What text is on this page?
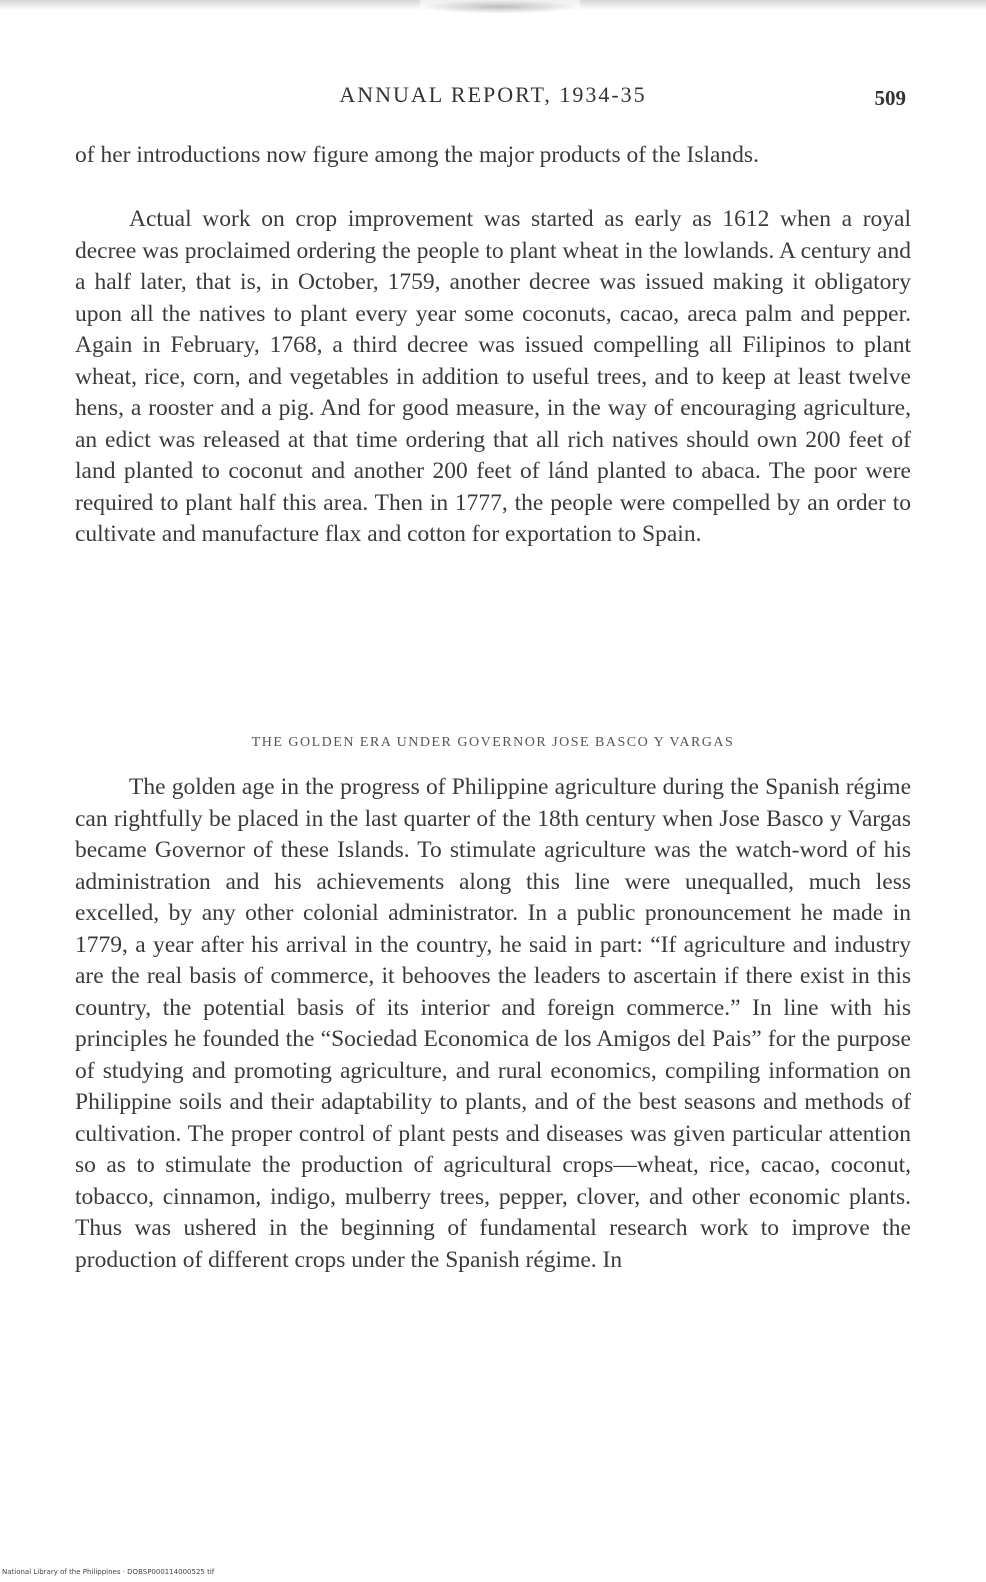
ANNUAL REPORT, 1934-35	509

of her introductions now figure among the major products of the Islands.

Actual work on crop improvement was started as early as 1612 when a royal decree was proclaimed ordering the people to plant wheat in the lowlands. A century and a half later, that is, in October, 1759, another decree was issued making it obligatory upon all the natives to plant every year some coconuts, cacao, areca palm and pepper. Again in February, 1768, a third decree was issued compelling all Filipinos to plant wheat, rice, corn, and vegetables in addition to useful trees, and to keep at least twelve hens, a rooster and a pig. And for good measure, in the way of encouraging agriculture, an edict was released at that time ordering that all rich natives should own 200 feet of land planted to coconut and another 200 feet of lánd planted to abaca. The poor were required to plant half this area. Then in 1777, the people were compelled by an order to cultivate and manufacture flax and cotton for exportation to Spain.

THE GOLDEN ERA UNDER GOVERNOR JOSE BASCO Y VARGAS

The golden age in the progress of Philippine agriculture during the Spanish régime can rightfully be placed in the last quarter of the 18th century when Jose Basco y Vargas became Governor of these Islands. To stimulate agriculture was the watch-word of his administration and his achievements along this line were unequalled, much less excelled, by any other colonial administrator. In a public pronouncement he made in 1779, a year after his arrival in the country, he said in part: “If agriculture and industry are the real basis of commerce, it behooves the leaders to ascertain if there exist in this country, the potential basis of its interior and foreign commerce.” In line with his principles he founded the “Sociedad Economica de los Amigos del Pais” for the purpose of studying and promoting agriculture, and rural economics, compiling information on Philippine soils and their adaptability to plants, and of the best seasons and methods of cultivation. The proper control of plant pests and diseases was given particular attention so as to stimulate the production of agricultural crops—wheat, rice, cacao, coconut, tobacco, cinnamon, indigo, mulberry trees, pepper, clover, and other economic plants. Thus was ushered in the beginning of fundamental research work to improve the production of different crops under the Spanish régime. In

National Library of the Philippines · DOBSP000114000525 tif
